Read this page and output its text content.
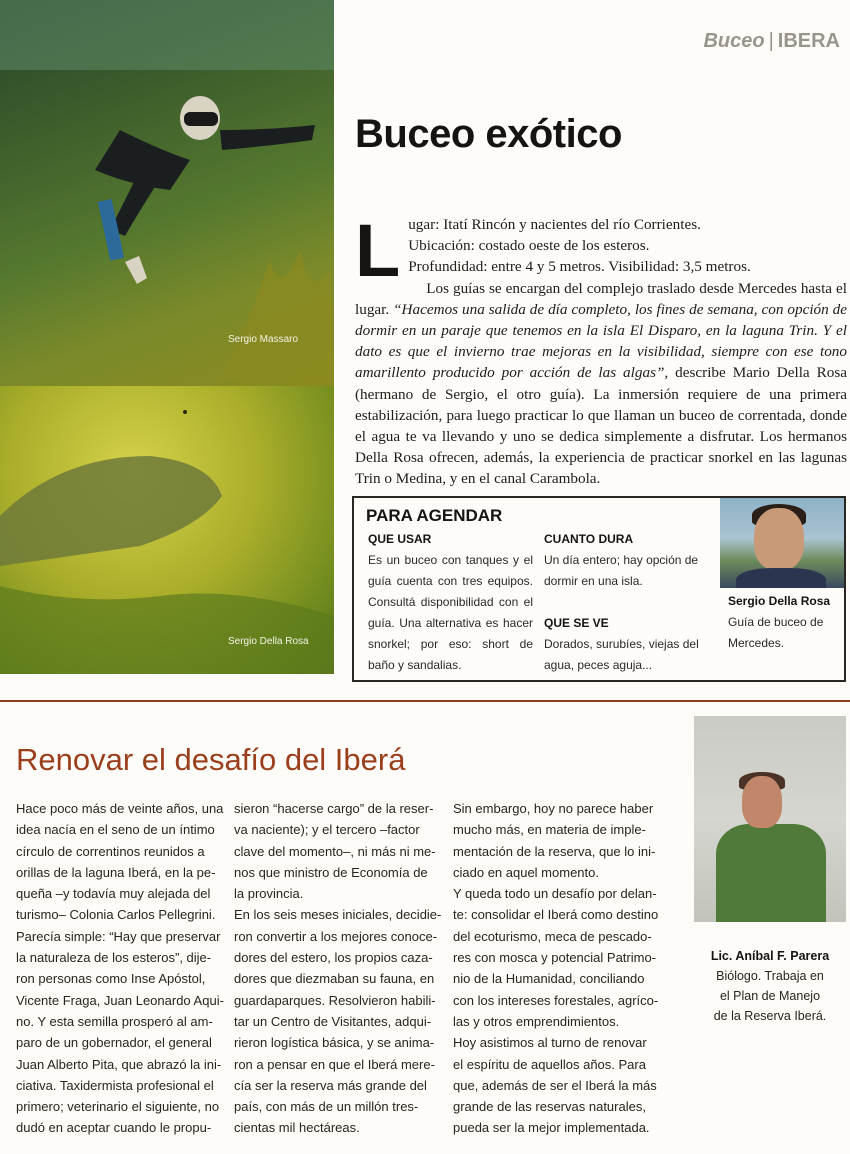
Sergio Massaro
Sergio Della Rosa
Buceo | IBERA
Buceo exótico
L ugar: Itatí Rincón y nacientes del río Corrientes.
Ubicación: costado oeste de los esteros.
Profundidad: entre 4 y 5 metros. Visibilidad: 3,5 metros.

Los guías se encargan del complejo traslado desde Mercedes hasta el lugar. “Hacemos una salida de día completo, los fines de semana, con opción de dormir en un paraje que tenemos en la isla El Disparo, en la laguna Trin. Y el dato es que el invierno trae mejoras en la visibilidad, siempre con ese tono amarillento producido por acción de las algas”, describe Mario Della Rosa (hermano de Sergio, el otro guía). La inmersión requiere de una primera estabilización, para luego practicar lo que llaman un buceo de correntada, donde el agua te va llevando y uno se dedica simplemente a disfrutar. Los hermanos Della Rosa ofrecen, además, la experiencia de practicar snorkel en las lagunas Trin o Medina, y en el canal Carambola.

PARA AGENDAR
QUE USAR
Es un buceo con tanques y el guía cuenta con tres equipos. Consultá disponibilidad con el guía. Una alternativa es hacer snorkel; por eso: short de baño y sandalias.
CUANTO DURA
Un día entero; hay opción de dormir en una isla.
QUE SE VE
Dorados, surubíes, viejas del agua, peces aguja...
Sergio Della Rosa
Guía de buceo de Mercedes.
Renovar el desafío del Iberá
Hace poco más de veinte años, una
idea nacía en el seno de un íntimo
círculo de correntinos reunidos a
orillas de la laguna Iberá, en la pe-
queña –y todavía muy alejada del
turismo– Colonia Carlos Pellegrini.
Parecía simple: “Hay que preservar
la naturaleza de los esteros”, dije-
ron personas como Inse Apóstol,
Vicente Fraga, Juan Leonardo Aqui-
no. Y esta semilla prosperó al am-
paro de un gobernador, el general
Juan Alberto Pita, que abrazó la ini-
ciativa. Taxidermista profesional el
primero; veterinario el siguiente, no
dudó en aceptar cuando le propu-
sieron “hacerse cargo” de la reser-
va naciente); y el tercero –factor
clave del momento–, ni más ni me-
nos que ministro de Economía de
la provincia.
En los seis meses iniciales, decidie-
ron convertir a los mejores conoce-
dores del estero, los propios caza-
dores que diezmaban su fauna, en
guardaparques. Resolvieron habili-
tar un Centro de Visitantes, adqui-
rieron logística básica, y se anima-
ron a pensar en que el Iberá mere-
cía ser la reserva más grande del
país, con más de un millón tres-
cientas mil hectáreas.
Sin embargo, hoy no parece haber
mucho más, en materia de imple-
mentación de la reserva, que lo ini-
ciado en aquel momento.
Y queda todo un desafío por delan-
te: consolidar el Iberá como destino
del ecoturismo, meca de pescado-
res con mosca y potencial Patrimo-
nio de la Humanidad, conciliando
con los intereses forestales, agríco-
las y otros emprendimientos.
Hoy asistimos al turno de renovar
el espíritu de aquellos años. Para
que, además de ser el Iberá la más
grande de las reservas naturales,
pueda ser la mejor implementada.
Lic. Aníbal F. Parera
Biólogo. Trabaja en
el Plan de Manejo
de la Reserva Iberá.
